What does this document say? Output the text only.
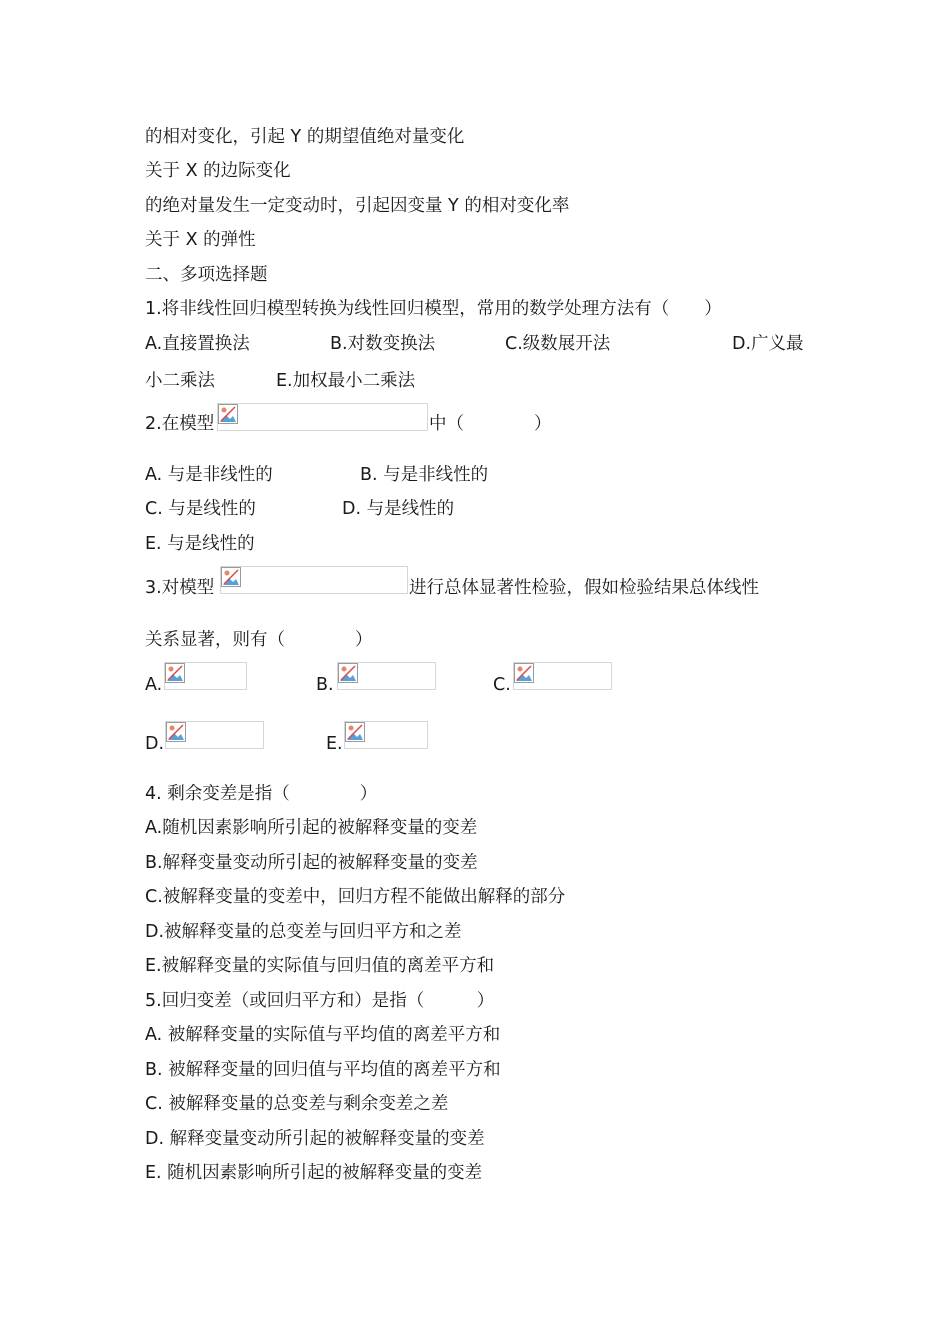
的相对变化，引起 Y 的期望值绝对量变化
关于 X 的边际变化
的绝对量发生一定变动时，引起因变量 Y 的相对变化率
关于 X 的弹性
二、多项选择题
1.将非线性回归模型转换为线性回归模型，常用的数学处理方法有（　　）
A.直接置换法	B.对数变换法	C.级数展开法	D.广义最
小二乘法	E.加权最小二乘法
2.在模型	中（　　　　）
A. 与是非线性的	B. 与是非线性的
C. 与是线性的	D. 与是线性的
E. 与是线性的
3.对模型	进行总体显著性检验，假如检验结果总体线性
关系显著，则有（　　　　）
A.	B.	C.
D.	E.
4. 剩余变差是指（　　　　）
A.随机因素影响所引起的被解释变量的变差
B.解释变量变动所引起的被解释变量的变差
C.被解释变量的变差中，回归方程不能做出解释的部分
D.被解释变量的总变差与回归平方和之差
E.被解释变量的实际值与回归值的离差平方和
5.回归变差（或回归平方和）是指（　　　）
A. 被解释变量的实际值与平均值的离差平方和
B. 被解释变量的回归值与平均值的离差平方和
C. 被解释变量的总变差与剩余变差之差
D. 解释变量变动所引起的被解释变量的变差
E. 随机因素影响所引起的被解释变量的变差
